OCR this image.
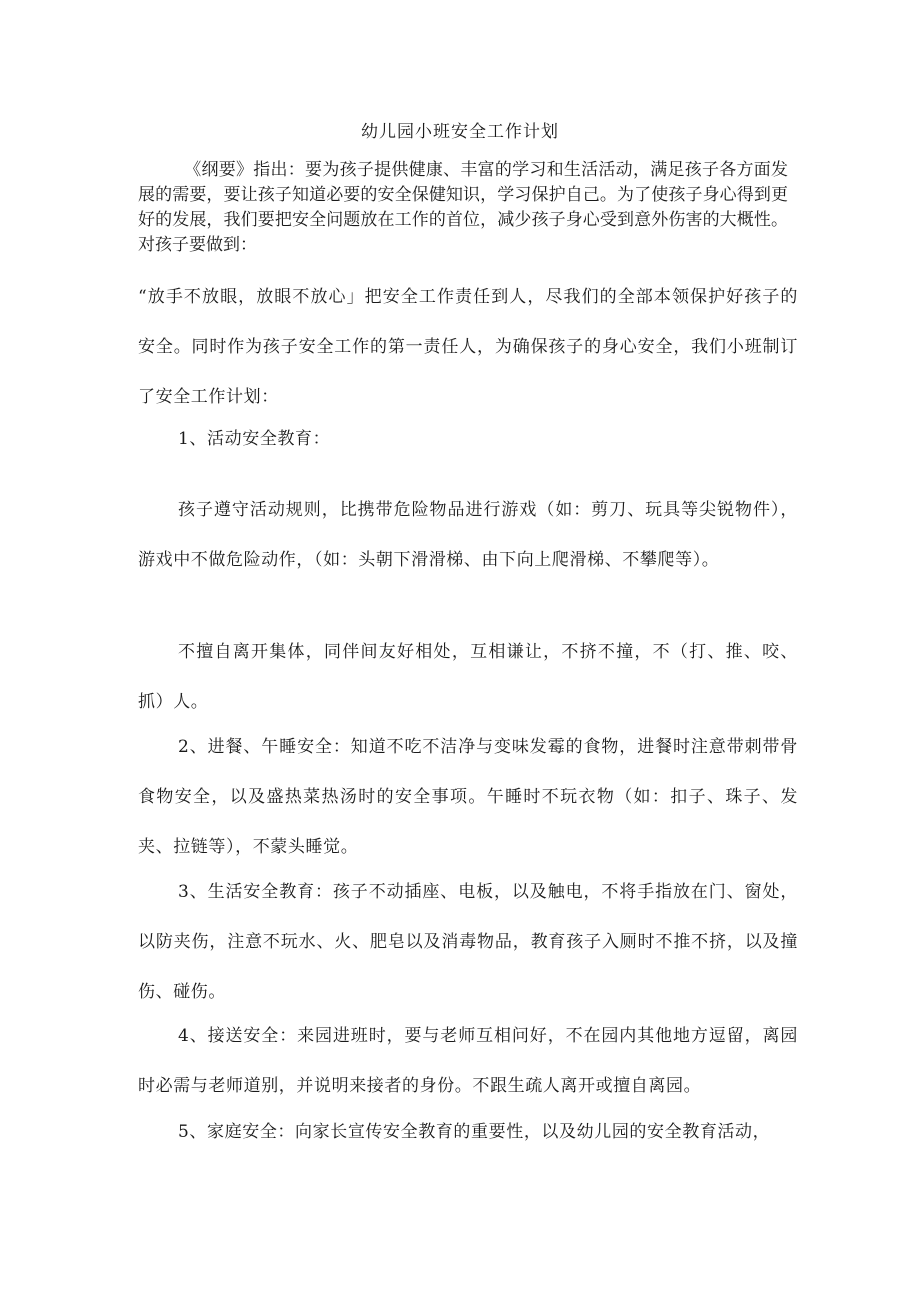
幼儿园小班安全工作计划
《纲要》指出：要为孩子提供健康、丰富的学习和生活活动，满足孩子各方面发展的需要，要让孩子知道必要的安全保健知识，学习保护自己。为了使孩子身心得到更好的发展，我们要把安全问题放在工作的首位，减少孩子身心受到意外伤害的大概性。对孩子要做到：
“放手不放眼，放眼不放心」把安全工作责任到人，尽我们的全部本领保护好孩子的安全。同时作为孩子安全工作的第一责任人，为确保孩子的身心安全，我们小班制订了安全工作计划：
1、活动安全教育：
孩子遵守活动规则，比携带危险物品进行游戏（如：剪刀、玩具等尖锐物件），游戏中不做危险动作，（如：头朝下滑滑梯、由下向上爬滑梯、不攀爬等）。
不擅自离开集体，同伴间友好相处，互相谦让，不挤不撞，不（打、推、咬、抓）人。
2、进餐、午睡安全：知道不吃不洁净与变味发霉的食物，进餐时注意带刺带骨食物安全，以及盛热菜热汤时的安全事项。午睡时不玩衣物（如：扣子、珠子、发夹、拉链等），不蒙头睡觉。
3、生活安全教育：孩子不动插座、电板，以及触电，不将手指放在门、窗处，以防夹伤，注意不玩水、火、肥皂以及消毒物品，教育孩子入厕时不推不挤，以及撞伤、碰伤。
4、接送安全：来园进班时，要与老师互相问好，不在园内其他地方逗留，离园时必需与老师道别，并说明来接者的身份。不跟生疏人离开或擅自离园。
5、家庭安全：向家长宣传安全教育的重要性，以及幼儿园的安全教育活动，
